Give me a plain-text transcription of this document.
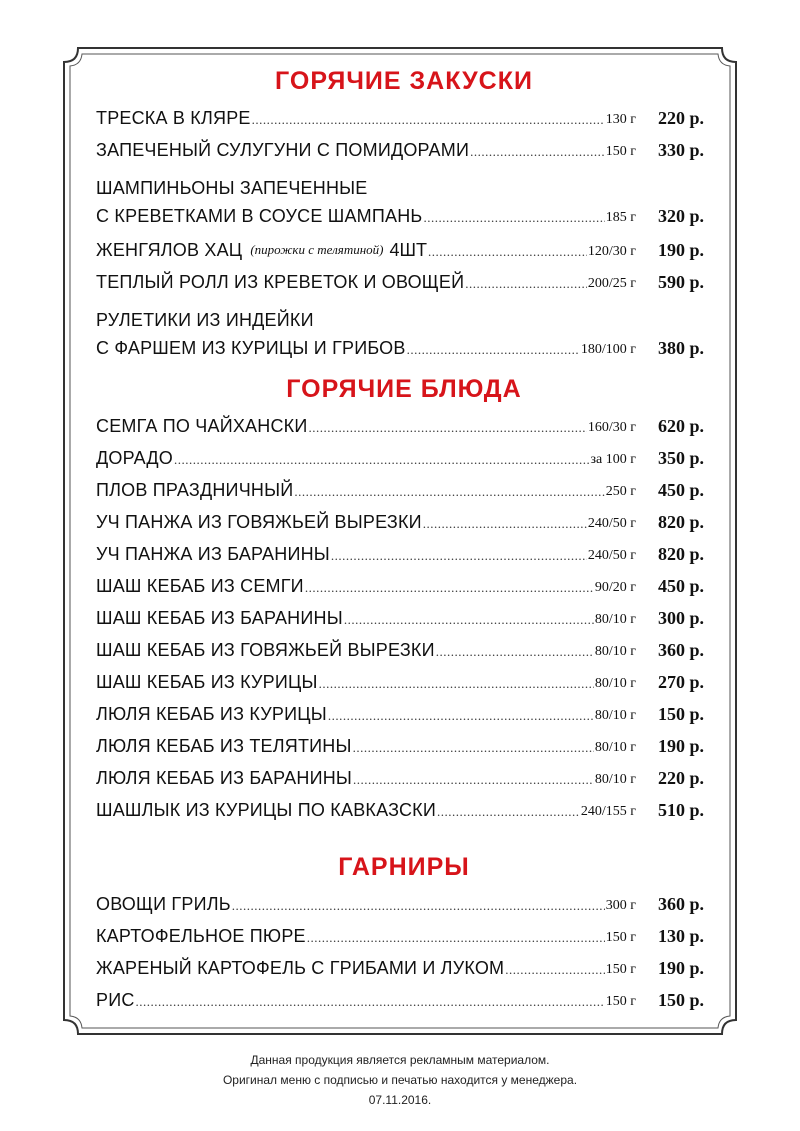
ГОРЯЧИЕ ЗАКУСКИ
ТРЕСКА В КЛЯРЕ .....	130 г 220 р.
ЗАПЕЧЕНЫЙ СУЛУГУНИ С ПОМИДОРАМИ .....	150 г 330 р.
ШАМПИНЬОНЫ ЗАПЕЧЕННЫЕ
С КРЕВЕТКАМИ В СОУСЕ ШАМПАНЬ .....	185 г 320 р.
ЖЕНГЯЛОВ ХАЦ (пирожки с телятиной) 4ШТ .....	120/30 г 190 р.
ТЕПЛЫЙ РОЛЛ ИЗ КРЕВЕТОК И ОВОЩЕЙ .....	200/25 г 590 р.
РУЛЕТИКИ ИЗ ИНДЕЙКИ
С ФАРШЕМ ИЗ КУРИЦЫ И ГРИБОВ .....	180/100 г 380 р.
ГОРЯЧИЕ БЛЮДА
СЕМГА ПО ЧАЙХАНСКИ .....	160/30 г 620 р.
ДОРАДО .....	за 100 г 350 р.
ПЛОВ ПРАЗДНИЧНЫЙ .....	250 г 450 р.
УЧ ПАНЖА ИЗ ГОВЯЖЬЕЙ ВЫРЕЗКИ .....	240/50 г 820 р.
УЧ ПАНЖА ИЗ БАРАНИНЫ .....	240/50 г 820 р.
ШАШ КЕБАБ ИЗ СЕМГИ .....	90/20 г 450 р.
ШАШ КЕБАБ ИЗ БАРАНИНЫ .....	80/10 г 300 р.
ШАШ КЕБАБ ИЗ ГОВЯЖЬЕЙ ВЫРЕЗКИ .....	80/10 г 360 р.
ШАШ КЕБАБ ИЗ КУРИЦЫ .....	80/10 г 270 р.
ЛЮЛЯ КЕБАБ ИЗ КУРИЦЫ .....	80/10 г 150 р.
ЛЮЛЯ КЕБАБ ИЗ ТЕЛЯТИНЫ .....	80/10 г 190 р.
ЛЮЛЯ КЕБАБ ИЗ БАРАНИНЫ .....	80/10 г 220 р.
ШАШЛЫК ИЗ КУРИЦЫ ПО КАВКАЗСКИ .....	240/155 г 510 р.
ГАРНИРЫ
ОВОЩИ ГРИЛЬ .....	300 г 360 р.
КАРТОФЕЛЬНОЕ ПЮРЕ .....	150 г 130 р.
ЖАРЕНЫЙ КАРТОФЕЛЬ С ГРИБАМИ И ЛУКОМ .....	150 г 190 р.
РИС .....	150 г 150 р.
Данная продукция является рекламным материалом.
Оригинал меню с подписью и печатью находится у менеджера.
07.11.2016.
